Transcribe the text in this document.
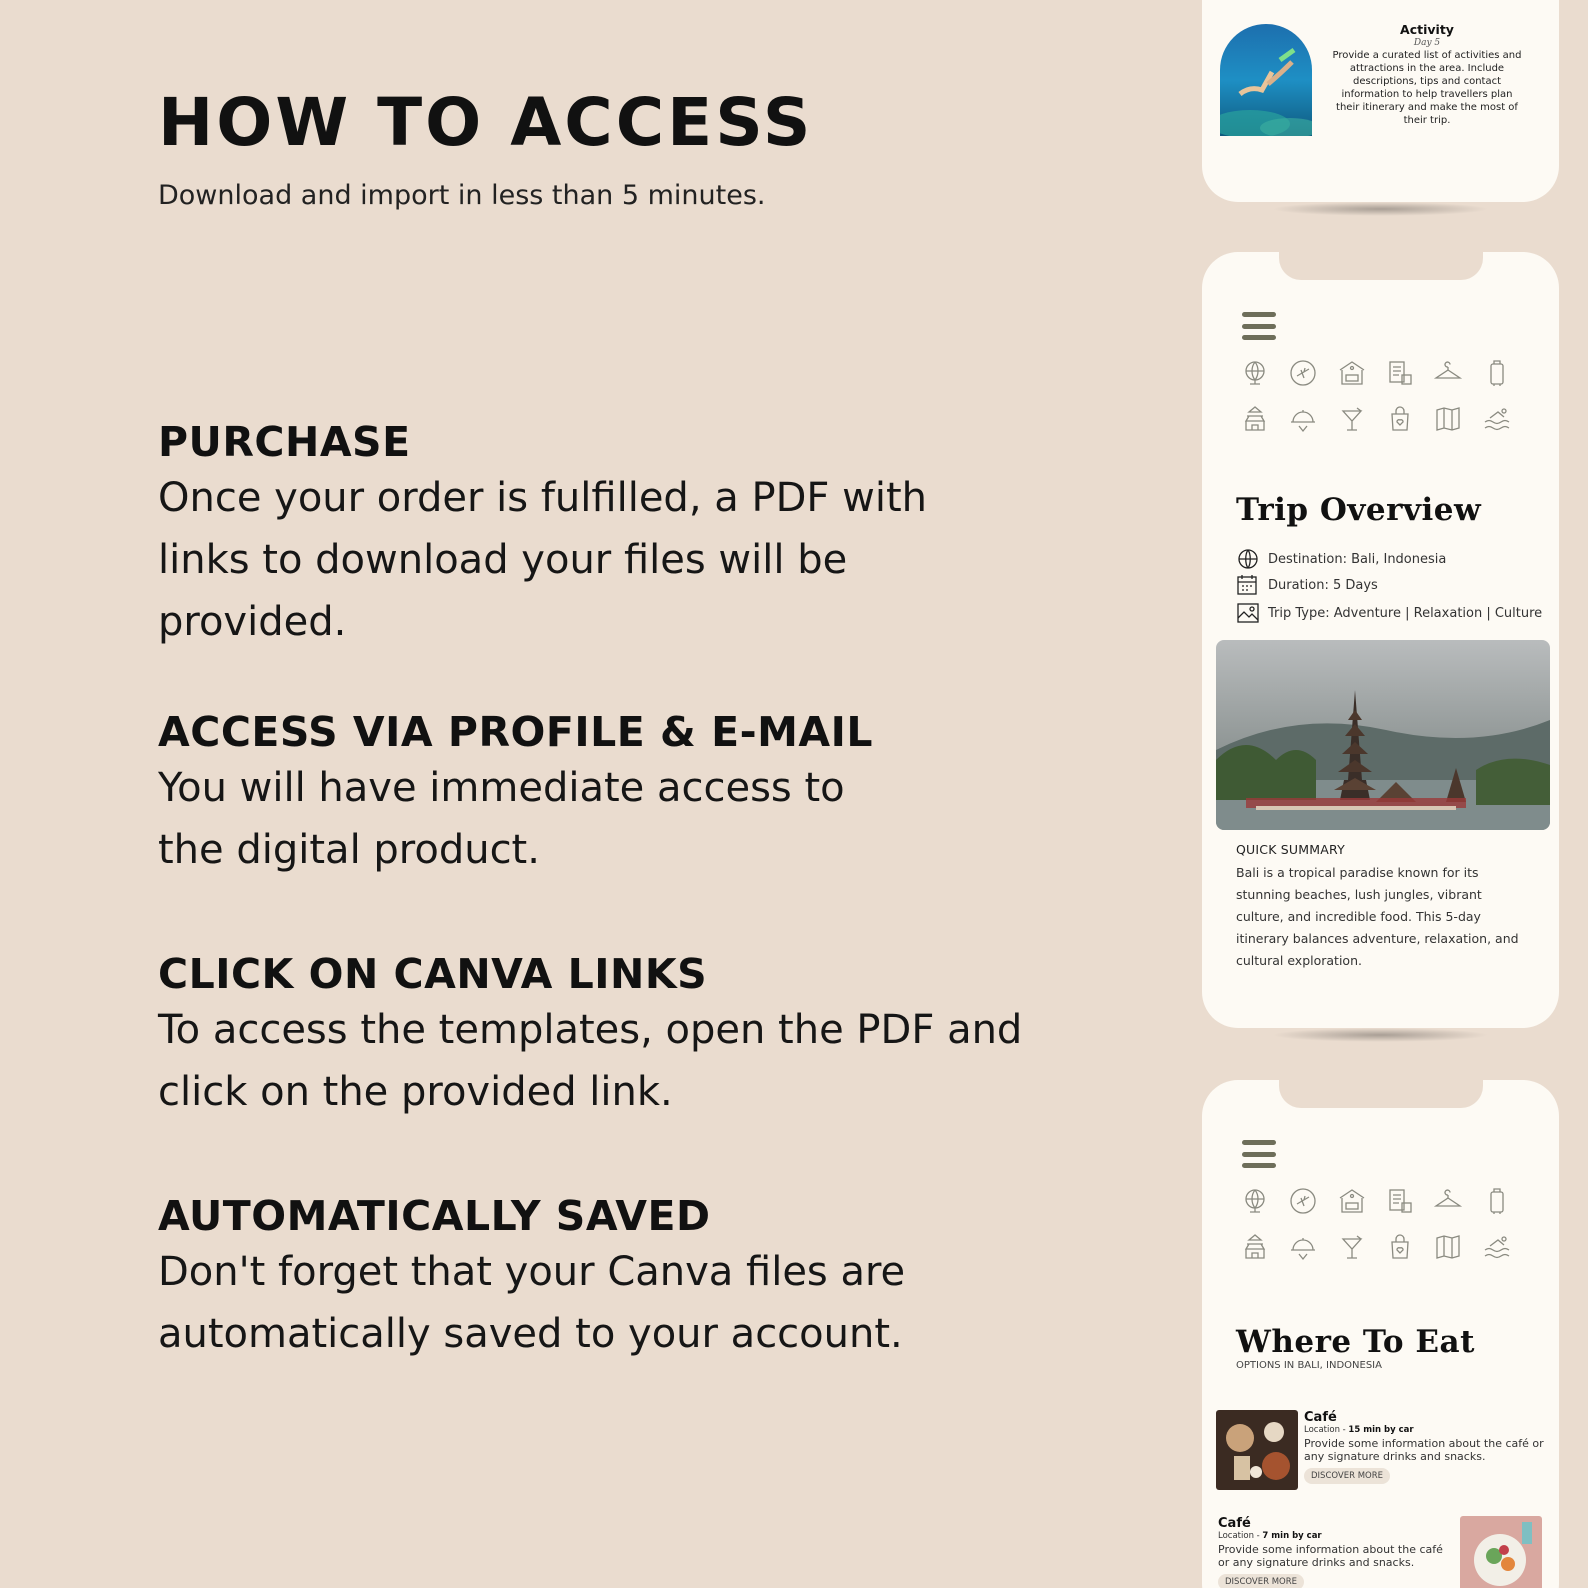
HOW TO ACCESS
Download and import in less than 5 minutes.
PURCHASE

Once your order is fulfilled, a PDF with links to download your files will be provided.

ACCESS VIA PROFILE & E-MAIL

You will have immediate access to the digital product.

CLICK ON CANVA LINKS

To access the templates, open the PDF and click on the provided link.

AUTOMATICALLY SAVED

Don't forget that your Canva files are automatically saved to your account.

Activity
Day 5
Provide a curated list of activities and attractions in the area. Include descriptions, tips and contact information to help travellers plan their itinerary and make the most of their trip.
Trip Overview
Destination: Bali, Indonesia
Duration: 5 Days
Trip Type: Adventure | Relaxation | Culture
QUICK SUMMARY
Bali is a tropical paradise known for its stunning beaches, lush jungles, vibrant culture, and incredible food. This 5-day itinerary balances adventure, relaxation, and cultural exploration.
Where To Eat
OPTIONS IN BALI, INDONESIA
Café
Location - 15 min by car
Provide some information about the café or any signature drinks and snacks.
DISCOVER MORE
Café
Location - 7 min by car
Provide some information about the café or any signature drinks and snacks.
DISCOVER MORE
